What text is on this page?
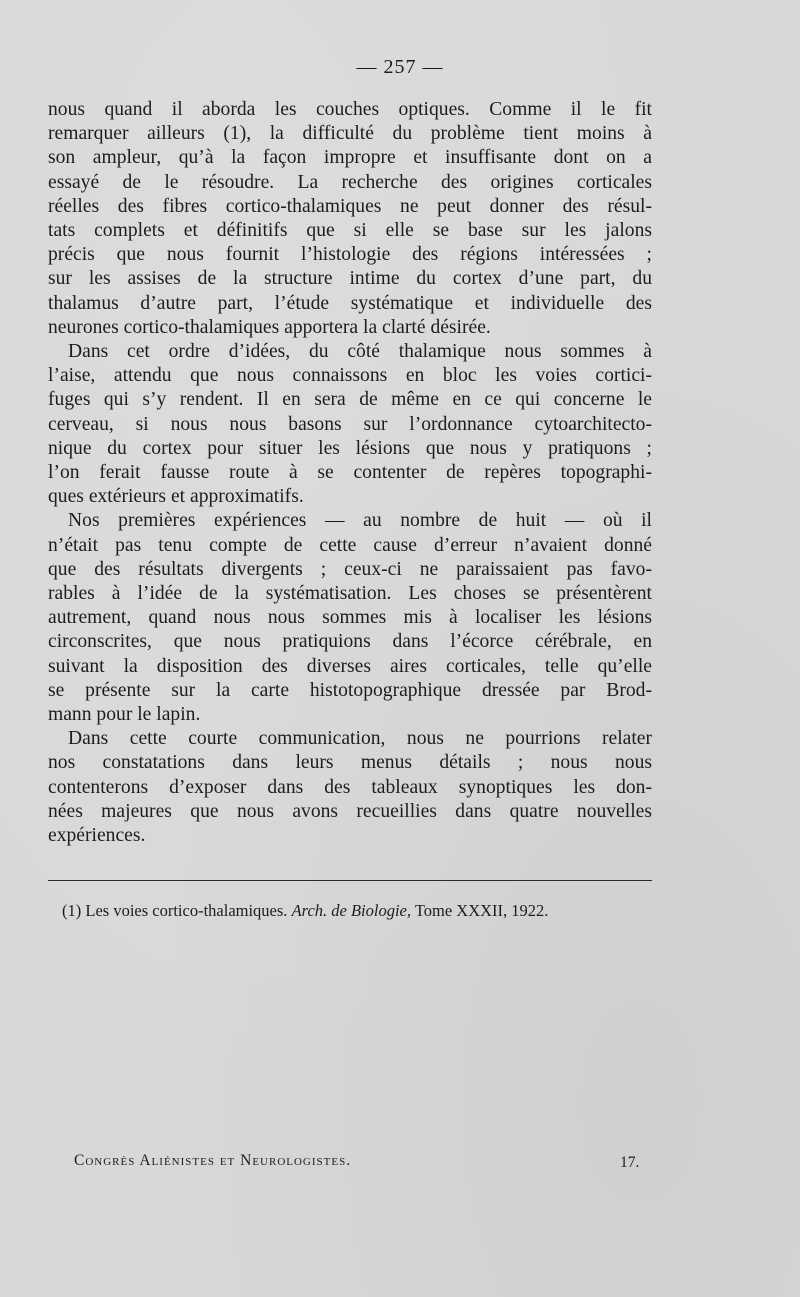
— 257 —

nous quand il aborda les couches optiques. Comme il le fit
remarquer ailleurs (1), la difficulté du problème tient moins à
son ampleur, qu’à la façon impropre et insuffisante dont on a
essayé de le résoudre. La recherche des origines corticales
réelles des fibres cortico-thalamiques ne peut donner des résul-
tats complets et définitifs que si elle se base sur les jalons
précis que nous fournit l’histologie des régions intéressées ;
sur les assises de la structure intime du cortex d’une part, du
thalamus d’autre part, l’étude systématique et individuelle des
neurones cortico-thalamiques apportera la clarté désirée.

Dans cet ordre d’idées, du côté thalamique nous sommes à
l’aise, attendu que nous connaissons en bloc les voies cortici-
fuges qui s’y rendent. Il en sera de même en ce qui concerne le
cerveau, si nous nous basons sur l’ordonnance cytoarchitecto-
nique du cortex pour situer les lésions que nous y pratiquons ;
l’on ferait fausse route à se contenter de repères topographi-
ques extérieurs et approximatifs.

Nos premières expériences — au nombre de huit — où il
n’était pas tenu compte de cette cause d’erreur n’avaient donné
que des résultats divergents ; ceux-ci ne paraissaient pas favo-
rables à l’idée de la systématisation. Les choses se présentèrent
autrement, quand nous nous sommes mis à localiser les lésions
circonscrites, que nous pratiquions dans l’écorce cérébrale, en
suivant la disposition des diverses aires corticales, telle qu’elle
se présente sur la carte histotopographique dressée par Brod-
mann pour le lapin.

Dans cette courte communication, nous ne pourrions relater
nos constatations dans leurs menus détails ; nous nous
contenterons d’exposer dans des tableaux synoptiques les don-
nées majeures que nous avons recueillies dans quatre nouvelles
expériences.

(1) Les voies cortico-thalamiques. Arch. de Biologie, Tome XXXII, 1922.
Congrès Aliénistes et Neurologistes.	17.
